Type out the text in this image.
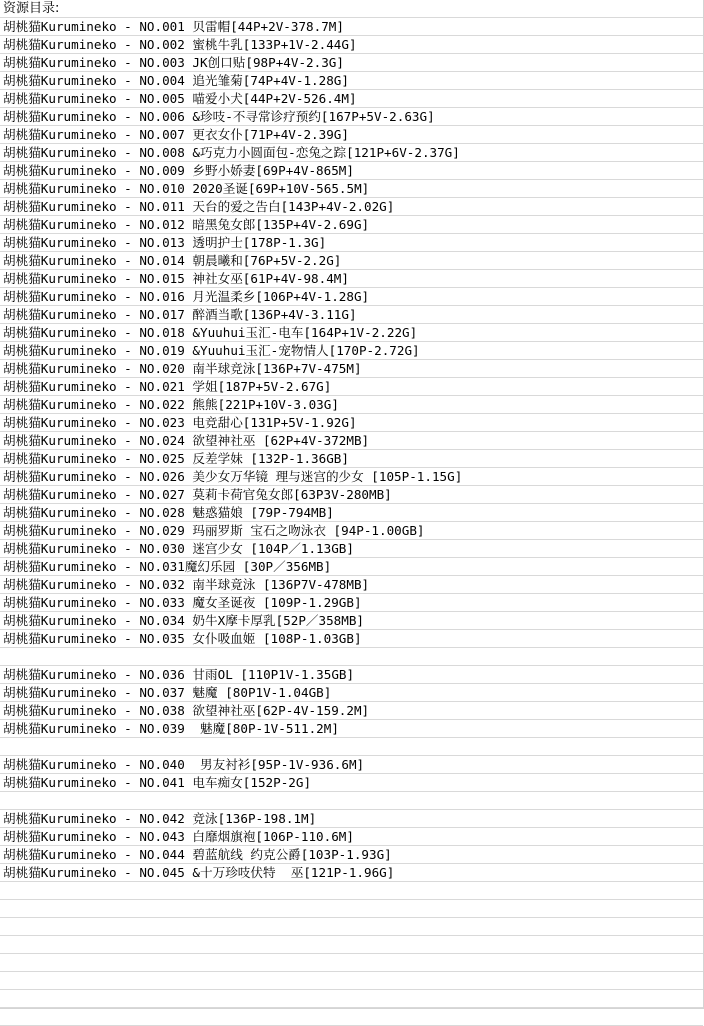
资源目录:
胡桃猫Kurumineko - NO.001 贝雷帽[44P+2V-378.7M]
胡桃猫Kurumineko - NO.002 蜜桃牛乳[133P+1V-2.44G]
胡桃猫Kurumineko - NO.003 JK创口贴[98P+4V-2.3G]
胡桃猫Kurumineko - NO.004 追光雏菊[74P+4V-1.28G]
胡桃猫Kurumineko - NO.005 喵爱小犬[44P+2V-526.4M]
胡桃猫Kurumineko - NO.006 &珍吱-不寻常诊疗预约[167P+5V-2.63G]
胡桃猫Kurumineko - NO.007 更衣女仆[71P+4V-2.39G]
胡桃猫Kurumineko - NO.008 &巧克力小圆面包-恋兔之踪[121P+6V-2.37G]
胡桃猫Kurumineko - NO.009 乡野小娇妻[69P+4V-865M]
胡桃猫Kurumineko - NO.010 2020圣诞[69P+10V-565.5M]
胡桃猫Kurumineko - NO.011 天台的爱之告白[143P+4V-2.02G]
胡桃猫Kurumineko - NO.012 暗黑兔女郎[135P+4V-2.69G]
胡桃猫Kurumineko - NO.013 透明护士[178P-1.3G]
胡桃猫Kurumineko - NO.014 朝晨曦和[76P+5V-2.2G]
胡桃猫Kurumineko - NO.015 神社女巫[61P+4V-98.4M]
胡桃猫Kurumineko - NO.016 月光温柔乡[106P+4V-1.28G]
胡桃猫Kurumineko - NO.017 醉酒当歌[136P+4V-3.11G]
胡桃猫Kurumineko - NO.018 &Yuuhui玉汇-电车[164P+1V-2.22G]
胡桃猫Kurumineko - NO.019 &Yuuhui玉汇-宠物情人[170P-2.72G]
胡桃猫Kurumineko - NO.020 南半球竞泳[136P+7V-475M]
胡桃猫Kurumineko - NO.021 学姐[187P+5V-2.67G]
胡桃猫Kurumineko - NO.022 熊熊[221P+10V-3.03G]
胡桃猫Kurumineko - NO.023 电竞甜心[131P+5V-1.92G]
胡桃猫Kurumineko - NO.024 欲望神社巫 [62P+4V-372MB]
胡桃猫Kurumineko - NO.025 反差学妹 [132P-1.36GB]
胡桃猫Kurumineko - NO.026 美少女万华镜 理与迷宫的少女 [105P-1.15G]
胡桃猫Kurumineko - NO.027 莫莉卡荷官兔女郎[63P3V-280MB]
胡桃猫Kurumineko - NO.028 魅惑猫娘 [79P-794MB]
胡桃猫Kurumineko - NO.029 玛丽罗斯 宝石之吻泳衣 [94P-1.00GB]
胡桃猫Kurumineko - NO.030 迷宫少女 [104P／1.13GB]
胡桃猫Kurumineko - NO.031魔幻乐园 [30P／356MB]
胡桃猫Kurumineko - NO.032 南半球竟泳 [136P7V-478MB]
胡桃猫Kurumineko - NO.033 魔女圣诞夜 [109P-1.29GB]
胡桃猫Kurumineko - NO.034 奶牛X摩卡厚乳[52P／358MB]
胡桃猫Kurumineko - NO.035 女仆吸血姬 [108P-1.03GB]
胡桃猫Kurumineko - NO.036 甘雨OL [110P1V-1.35GB]
胡桃猫Kurumineko - NO.037 魅魔 [80P1V-1.04GB]
胡桃猫Kurumineko - NO.038 欲望神社巫[62P-4V-159.2M]
胡桃猫Kurumineko - NO.039  魅魔[80P-1V-511.2M]
胡桃猫Kurumineko - NO.040  男友衬衫[95P-1V-936.6M]
胡桃猫Kurumineko - NO.041 电车痴女[152P-2G]
胡桃猫Kurumineko - NO.042 竞泳[136P-198.1M]
胡桃猫Kurumineko - NO.043 白靡烟旗袍[106P-110.6M]
胡桃猫Kurumineko - NO.044 碧蓝航线 约克公爵[103P-1.93G]
胡桃猫Kurumineko - NO.045 &十万珍吱伏特  巫[121P-1.96G]
